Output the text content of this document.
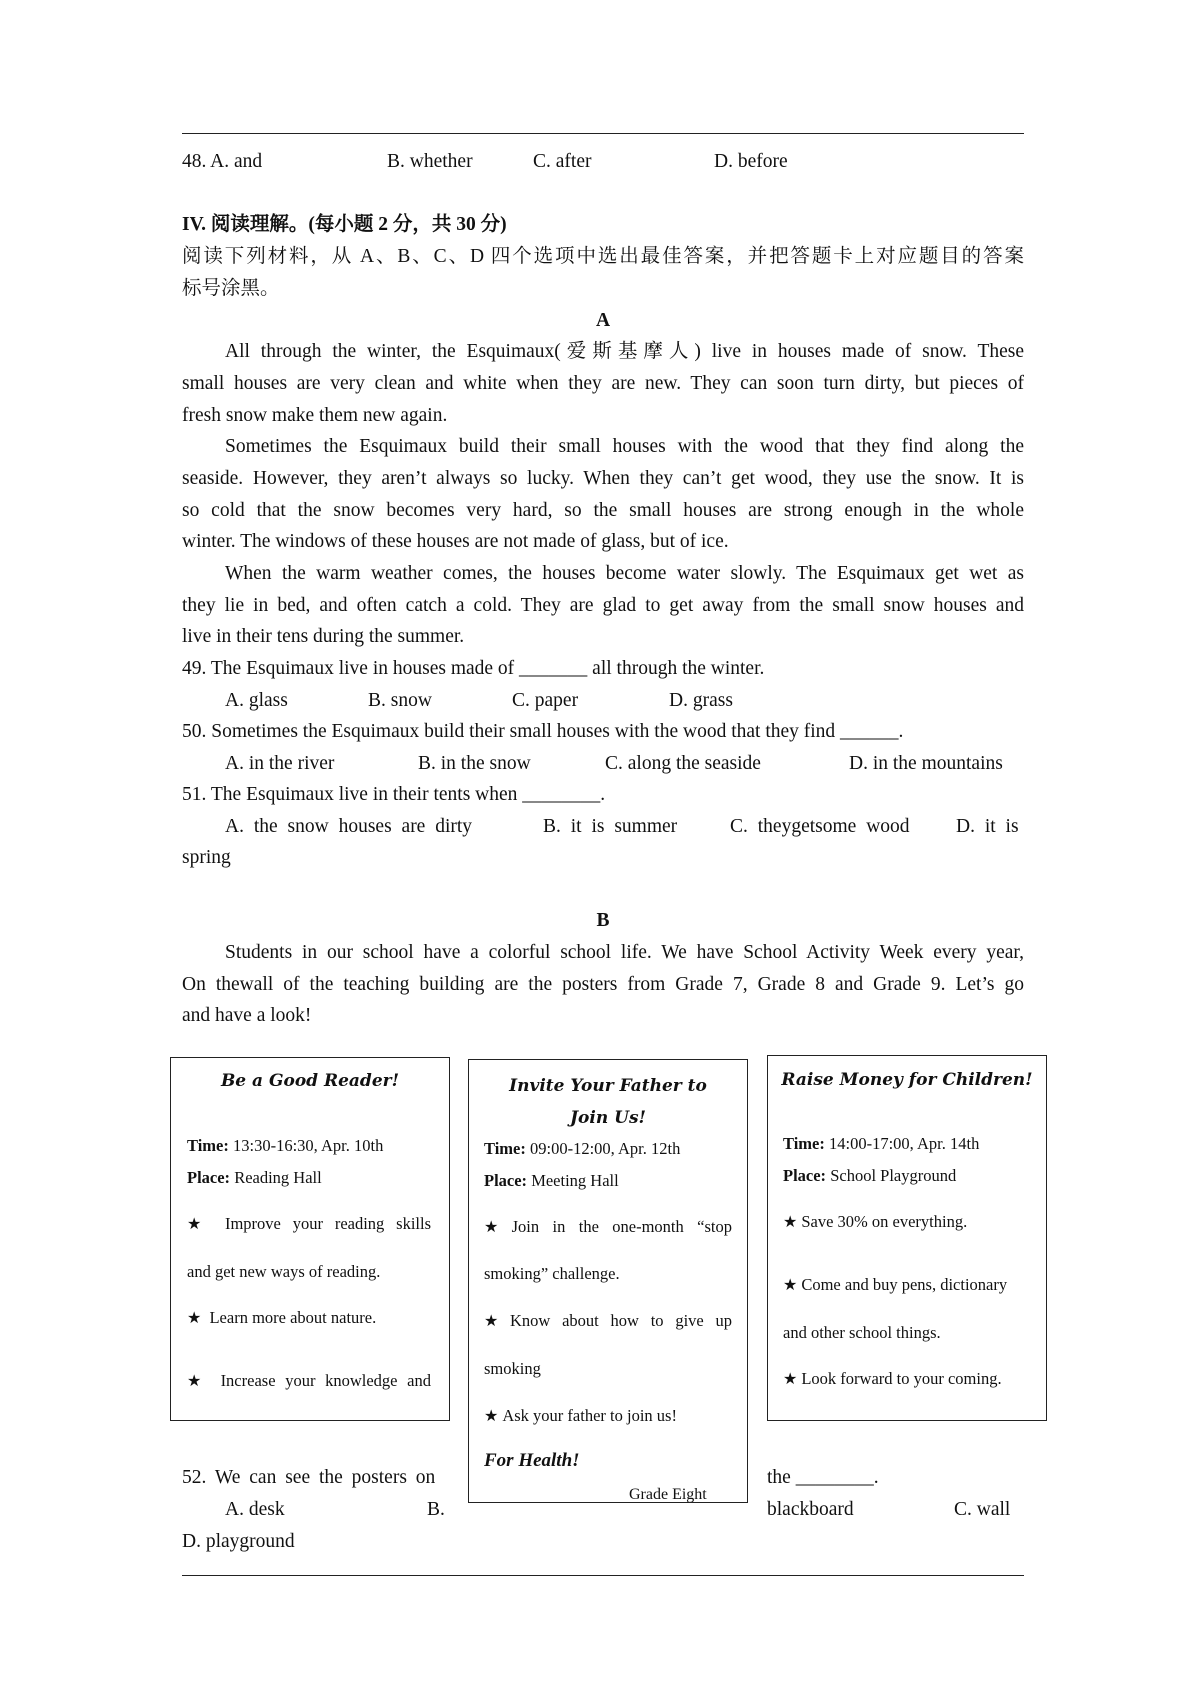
48. A. and	B. whether	C. after	D. before
IV. 阅读理解。(每小题 2 分，共 30 分)
阅读下列材料，从 A、B、C、D 四个选项中选出最佳答案，并把答题卡上对应题目的答案
标号涂黑。
A
All through the winter, the Esquimaux(爱斯基摩人) live in houses made of snow. These
small houses are very clean and white when they are new. They can soon turn dirty, but pieces of
fresh snow make them new again.
Sometimes the Esquimaux build their small houses with the wood that they find along the
seaside. However, they aren’t always so lucky. When they can’t get wood, they use the snow. It is
so cold that the snow becomes very hard, so the small houses are strong enough in the whole
winter. The windows of these houses are not made of glass, but of ice.
When the warm weather comes, the houses become water slowly. The Esquimaux get wet as
they lie in bed, and often catch a cold. They are glad to get away from the small snow houses and
live in their tens during the summer.
49. The Esquimaux live in houses made of _______ all through the winter.
A. glass	B. snow	C. paper	D. grass
50. Sometimes the Esquimaux build their small houses with the wood that they find ______.
A. in the river	B. in the snow	C. along the seaside	D. in the mountains
51. The Esquimaux live in their tents when ________.
A. the snow houses are dirty	B. it is summer	C. theygetsome wood D. it is
spring
B
Students in our school have a colorful school life. We have School Activity Week every year,
On thewall of the teaching building are the posters from Grade 7, Grade 8 and Grade 9. Let’s go
and have a look!
Be a Good Reader!
Time: 13:30-16:30, Apr. 10th
Place: Reading Hall
★ Improve your reading skills
and get new ways of reading.
★ Learn more about nature.
★ Increase your knowledge and
Invite Your Father to
Join Us!
Time: 09:00-12:00, Apr. 12th
Place: Meeting Hall
★ Join in the one-month “stop
smoking” challenge.
★ Know about how to give up
smoking
★ Ask your father to join us!
For Health!
Grade Eight
Raise Money for Children!
Time: 14:00-17:00, Apr. 14th
Place: School Playground
★ Save 30% on everything.
★ Come and buy pens, dictionary
and other school things.
★ Look forward to your coming.
52. We can see the posters on	the ________.
A. desk	B.	blackboard	C. wall
D. playground
